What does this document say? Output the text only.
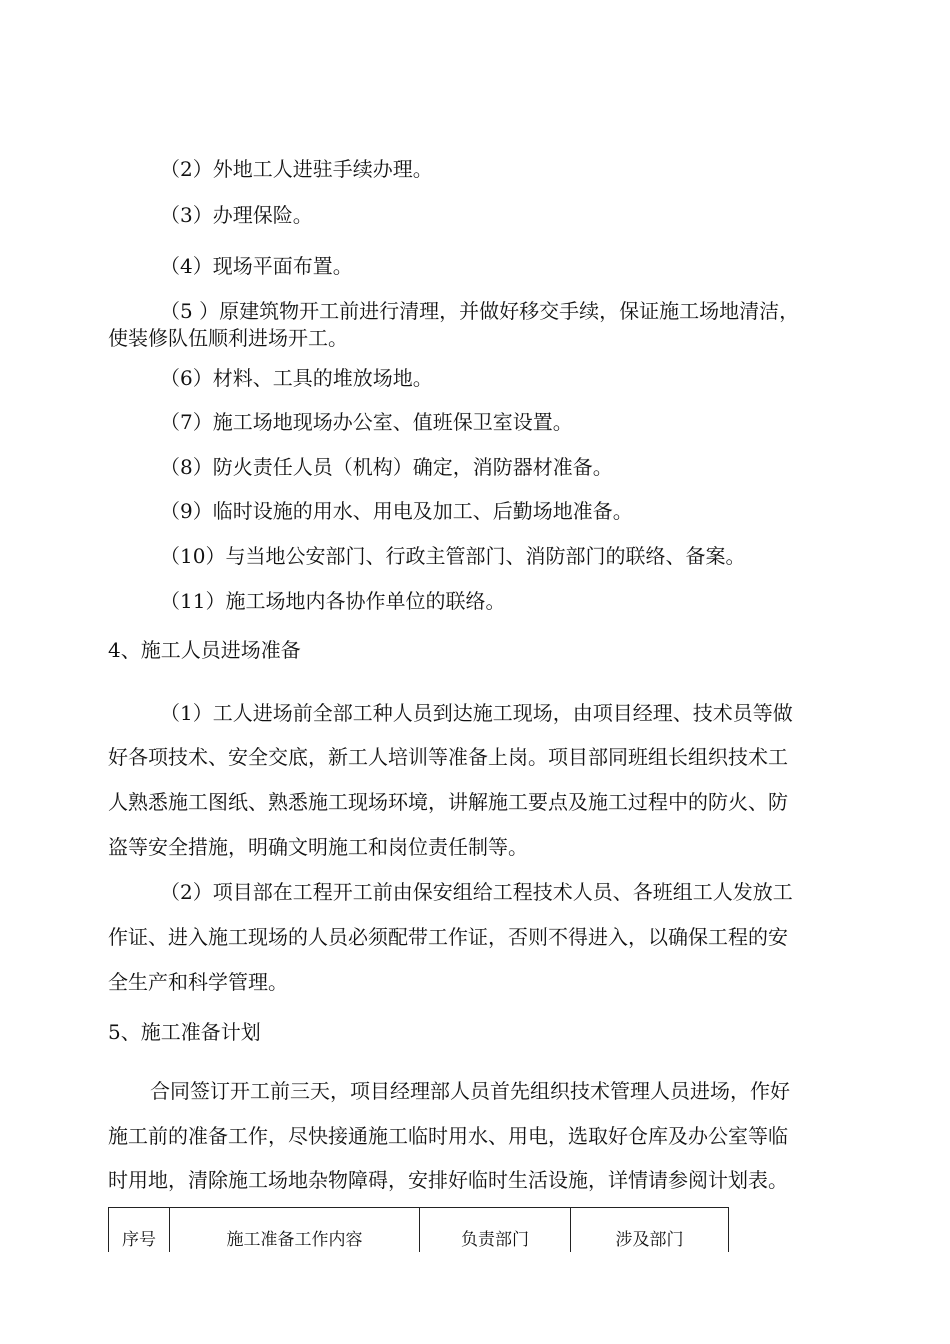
（2）外地工人进驻手续办理。
（3）办理保险。
（4）现场平面布置。
（5 ）原建筑物开工前进行清理，并做好移交手续，保证施工场地清洁，
使装修队伍顺利进场开工。
（6）材料、工具的堆放场地。
（7）施工场地现场办公室、值班保卫室设置。
（8）防火责任人员（机构）确定，消防器材准备。
（9）临时设施的用水、用电及加工、后勤场地准备。
（10）与当地公安部门、行政主管部门、消防部门的联络、备案。
（11）施工场地内各协作单位的联络。
4、施工人员进场准备
（1）工人进场前全部工种人员到达施工现场，由项目经理、技术员等做
好各项技术、安全交底，新工人培训等准备上岗。项目部同班组长组织技术工
人熟悉施工图纸、熟悉施工现场环境，讲解施工要点及施工过程中的防火、防
盗等安全措施，明确文明施工和岗位责任制等。
（2）项目部在工程开工前由保安组给工程技术人员、各班组工人发放工
作证、进入施工现场的人员必须配带工作证，否则不得进入，以确保工程的安
全生产和科学管理。
5、施工准备计划
合同签订开工前三天，项目经理部人员首先组织技术管理人员进场，作好
施工前的准备工作，尽快接通施工临时用水、用电，选取好仓库及办公室等临
时用地，清除施工场地杂物障碍，安排好临时生活设施，详情请参阅计划表。
序号	施工准备工作内容	负责部门	涉及部门
